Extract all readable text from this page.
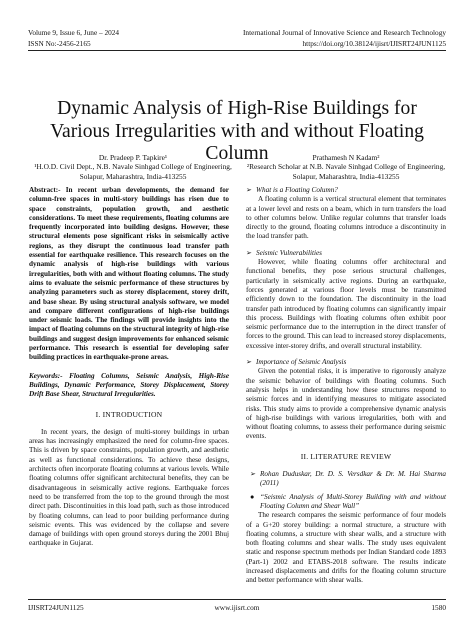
Volume 9, Issue 6, June – 2024	International Journal of Innovative Science and Research Technology
ISSN No:-2456-2165	https://doi.org/10.38124/ijisrt/IJISRT24JUN1125
Dynamic Analysis of High-Rise Buildings for Various Irregularities with and without Floating Column
Dr. Pradeep P. Tapkire¹
¹H.O.D. Civil Dept., N.B. Navale Sinhgad College of Engineering, Solapur, Maharashtra, India-413255
Prathamesh N Kadam²
²Research Scholar at N.B. Navale Sinhgad College of Engineering, Solapur, Maharashtra, India-413255

Abstract:- In recent urban developments, the demand for column-free spaces in multi-story buildings has risen due to space constraints, population growth, and aesthetic considerations. To meet these requirements, floating columns are frequently incorporated into building designs. However, these structural elements pose significant risks in seismically active regions, as they disrupt the continuous load transfer path essential for earthquake resilience. This research focuses on the dynamic analysis of high-rise buildings with various irregularities, both with and without floating columns. The study aims to evaluate the seismic performance of these structures by analyzing parameters such as storey displacement, storey drift, and base shear. By using structural analysis software, we model and compare different configurations of high-rise buildings under seismic loads. The findings will provide insights into the impact of floating columns on the structural integrity of high-rise buildings and suggest design improvements for enhanced seismic performance. This research is essential for developing safer building practices in earthquake-prone areas.

Keywords:- Floating Columns, Seismic Analysis, High-Rise Buildings, Dynamic Performance, Storey Displacement, Storey Drift Base Shear, Structural Irregularities.

I. INTRODUCTION

In recent years, the design of multi-storey buildings in urban areas has increasingly emphasized the need for column-free spaces. This is driven by space constraints, population growth, and aesthetic as well as functional considerations. To achieve these designs, architects often incorporate floating columns at various levels. While floating columns offer significant architectural benefits, they can be disadvantageous in seismically active regions. Earthquake forces need to be transferred from the top to the ground through the most direct path. Discontinuities in this load path, such as those introduced by floating columns, can lead to poor building performance during seismic events. This was evidenced by the collapse and severe damage of buildings with open ground storeys during the 2001 Bhuj earthquake in Gujarat.

➢ What is a Floating Column?

A floating column is a vertical structural element that terminates at a lower level and rests on a beam, which in turn transfers the load to other columns below. Unlike regular columns that transfer loads directly to the ground, floating columns introduce a discontinuity in the load transfer path.

➢ Seismic Vulnerabilities

However, while floating columns offer architectural and functional benefits, they pose serious structural challenges, particularly in seismically active regions. During an earthquake, forces generated at various floor levels must be transmitted efficiently down to the foundation. The discontinuity in the load transfer path introduced by floating columns can significantly impair this process. Buildings with floating columns often exhibit poor seismic performance due to the interruption in the direct transfer of forces to the ground. This can lead to increased storey displacements, excessive inter-storey drifts, and overall structural instability.

➢ Importance of Seismic Analysis

Given the potential risks, it is imperative to rigorously analyze the seismic behavior of buildings with floating columns. Such analysis helps in understanding how these structures respond to seismic forces and in identifying measures to mitigate associated risks. This study aims to provide a comprehensive dynamic analysis of high-rise buildings with various irregularities, both with and without floating columns, to assess their performance during seismic events.

II. LITERATURE REVIEW

➢ Rohan Duduskar, Dr. D. S. Versdkar & Dr. M. Hai Sharma (2011)

● “Seismic Analysis of Multi-Storey Building with and without Floating Column and Shear Wall”

The research compares the seismic performance of four models of a G+20 storey building: a normal structure, a structure with floating columns, a structure with shear walls, and a structure with both floating columns and shear walls. The study uses equivalent static and response spectrum methods per Indian Standard code 1893 (Part-1) 2002 and ETABS-2018 software. The results indicate increased displacements and drifts for the floating column structure and better performance with shear walls.

IJISRT24JUN1125	www.ijisrt.com	1580
